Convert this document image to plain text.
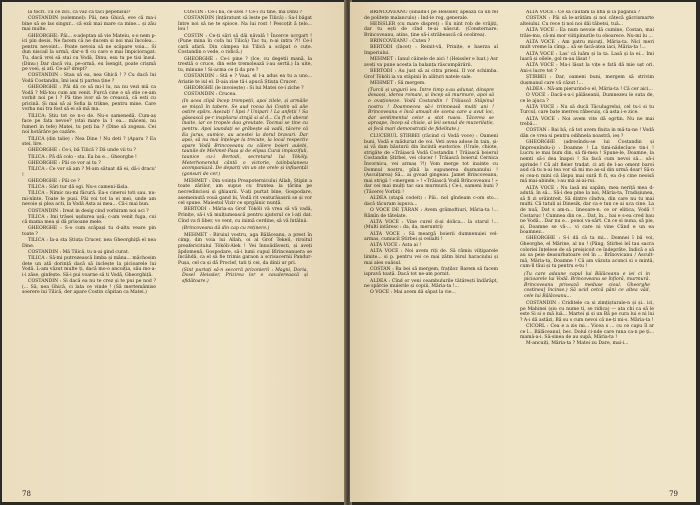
la tocri. Tu ce zici, că văz că taci pepenisul?

COSTANDIN (solemnel): Păi, nea Ghică, eve că ma-i bine să se las singur... că ezii mai mare ca mine... și zău mai multe.

GHEORGHE: Păi... s-adeptan să vie Mateiu, s-o nem p-ici pin desis. Ne facem că ne ducem si noi mai încolea... pentru nevoint... Poate nevoia să ne scăpare voia... Si dun niscail la urmă, dar-o fi cu caro e mai împicioragat. Tu, dacă vrei să stai cu Vodă, Dinu, esu tu pe tisi însul. (Dinu:) Dar dacă viu, pe-ormă, eu îsengit, poate crișmă pe voei, și atî. Ce-ai? drept?

COSTANDIN : Stau să ea, nea Ghică ! ? Cu dacă lui Vodă Costandin, îmi ieai ți partea ține ?

GHEORGHE : Păi dă ce să mi-l lu, na nu vezi mă ca Vodă ? Mă-tou cum am venit. Furcă cine o să stie ce-am vorbit noi pe l ? Pă tine ivor să te crească, că esti cu pricină. Și mai să ai Sofia la trikne, pentru mine. Care vorba nui tra fost să ei să mă ma.

TILICA: Știu tot ce n-o de. Nu-o samenedă. Cum-aș face pe fata nevoe? (stai mare la 1 ea... măceni, nu fumeri in tefe) Matei, tu poți ba ? (Dine să zogeau. Cei noi hotărâre pe cazăre.

TILICA (din talie) : Nea Dine ! Nu deti ? (Aparu ? Ea stei, lire.

GHEORGHE : Ce-i, bă Tilică ? Dă unde vii tu ?

TILICA : Pă dă colo - sta. Ea ba e... Gheorghe !

GHEORGHE : Păi ce vor ai tu ?

TILICA : Ce vor să am ? M-am sătuat dă ei, dă-i dracu' !

GHEORGHE : Păi ce ?

TILICA : Sări tur dă ogi. Nu-s cameni-lăsla.

TILICA : Nimic nu-mi făcură. Ea-s cineroi toti sau. nu-mi-nînte. Toate le pusi. Păi voi tot la ei mei, unde am nevoie și plea acti, la Vodă Asta ai mea... Că-i mai bun.

COSTANDIN : Ireat in desig cind vorbiram noi aci ?

TILICA : Imi trăsei ușdurea ușă; c-am venit fuga, cui că mama mea și dă prisoane mele.

GHEORGHE : S-o cum scăpași tu d-altu veare pin toate ?

TILICA : Ia-a sta Știuța Crucer, nea Gheorghiță el nea Dine.

COSTANDIN : Mă Tilică, tu n-ai gind curat.

TILICA : Să-mi putrezească limba și mâna... măchosim dete un ată dorință dacă să inclește la picioarele lui Vodă. L-am văzut multe ți, dacă mo-o ancoiția, său mo-a-i-i zăse, ginfește. Să-i pui voarne să ti Vodă, Gheorghiță.

COSTANDIN : Si dacă ea nu te crez și te pui pe nod ? (... Să, nea Ghică, ci lata ce vinde ! (Să mertemămise soerere lui Tilică, der apare Costin căpitan ca Matei.)

COSTIN : Ce-i bă, ce-avei ? Ce-i cu tine, mă Dinu ?

COSTANDIN (înțăratunt să leste pe Tilică) : Sa-l băgat între noi să ne te spioce. Na lui rost ! Pescoțit ă țelo... lou !

COSTIN : Ce-ți sări să dăi năvală ! Încerce ucrgart ! (Pune mina în cofa lui Tilică) Tac tu, n-ai intra ?!! Ce-l cară afară. Din câmpea lui Tilică a scăpat o cuțe. Costandin o vede, o ridică.)

GHEORGHE : Ce-i pine ? (Ice, cu degetii mană, la trestiă o cruce, din este tremolează i-au sertii.) Ia uite, tu, minune ! Si-acma ce ți da pre ?

COSTANDIN : Stă e ? Vaai, el l-a adus ea tu a uno... Ariatie te iul el. D-aia zise tă-i apucă Știuța Crucer.

GHEORGHE (le invoiește) : Si lui Matei ce-i ziche ?

COSTANDIN : Crucea.

(In acea clipă încep trompeții, apoi zilele, și armăile se mișcă în tabere. Se aud rocoa lui Costin să alie ostire spărs. Așezați ! lipsi ! Unipari ! La anfeții ! Sa găsească pe-r inspilarui strajă si al d... Ca ft el aberat înaite, iar ce tropele dau greutate. Tocmai se tine cu pentru. Apoi iaundați se grăbește să vadă, tăcere că Ea jurus, sumice, au acestei la dorul bravuri. Dar apoi, să nu mai înțelege la trecute, la local respectiv apare Vodă Brincoveanu cu călere boieri aulebi, taunile de Mehmet-Pașa și de elipsa Curai impiozifuli, taunice cu-i Bertodi, secretarul lui Tököly. Meterhonerelul cântă o victorie, taiinbalaneeu acompaniază. De deparți vin un ste orele și influențăi (gonsuri de cer.)

MEHMET : Din voința Preapoternicului Allah, Știpin a toate zărilor, am supus cu fruntea la țărina pe necredinciosi și ghiaurii. V-ați purtat bine, Gospodare, asemeinută vouă gand bi, Vodă rit veaturăsasrii se și vor cel spune. Maiestul Vizir ce sprgăinic nunță.

BERTODI : Măria-sa Grof Tököli vă vrea să vă vadă, Prinițe, să-i vă mulțumească pentru ajutorul ce l-ați dat. Cînd va fi liber, vo vent, cu inimă cerdine, să vă întâlnii.

(Brincoveanu dă din cap cu reținere.)

MEHMET : Biruiul vostru, aga Bălăceanu, a prest în cimp, din voia lui Allah, oi al Grof Tekeli, riroitul preafericitului Tököli-Alek ! Vei înnoădăvesti, și aveți ăpdomenă, Gospodare, să-i lumi cupul Bîrinceanuera se încâhdă, ca el să fie trimis garaon a scrisacernii Pandur-Pușa, cel ca și dă Proclef, tati ți cei, da dinii ur pri.

(Sint purtați să-n secorră prizonierii : Magni, Doria, Dosel Heissler, Prizirea lor e cavalereaacă și sfidătoare.)

78

BRINCOVEANU (sinâdu-l pe Heissler, apeaza ca un fel de politețe malanculo) : Ind-le rog, generale.

HEISSLER (cu mare dispreț) : Eu nint rob de vrăjiți, dar tu ești de cînd te-ai născut. (Consternare. Brincoveanu, atins, ține să-i străbească că ocolirea).

BRINCOVEANU : Cuten ?

BERTODI (încet) : Reinit-vă, Prinițe, e baerza al Imperiului.

MEHMET : Ianul câinele de aici ! (Heissler e luat.) Asr aveți va pune acesta la balanța răscumpărării.

BERTODI : Au just să ai citra prieni. Il vor schimba. Grof Tököli ia va stăpinii în alături natele sale.

MEHMET : Să mergem.

(Turcii și ungurii ies. Între timp s-au adunat, dinspre desaoși, iderea romani, și încep să murmure, apoi să o ovaționeze. Vodă Costandin ! Trăiască Stăpinul nostru ! Doamnecea să-i trimneasă multi ani ! Brincoveanu e încă amușit de scena care a avut loc, dar sentimentul celor a stot rusos. Tăcerea se aproape, încep să chisie, ai îeii sensul de muzerilatie, ai fecă mari demonstrații de fidelitate.)

CLUCERUL ȘTIRBEI (răcind ci Vodă voce) : Oameni buni, Vodă e măduriat de voi. Veti avea adose în tain, și-ai vă dam băuturii din încintă eustorice. (Urale, chiote, strigăte de «Trăiască Vodă Costandin ! Trăiască boierul Costandin Știrbei, vei clucer ! Trăiască boierul Cernica Învornicu, vei armaș ?!) Vom merge tot inainte cu Domnul nostru, pînă la supunerea dușmanului ! (Asculțarea) Să... ai gvoad gingeau. Jamet Brincoveanu, mai strigă ! «mergem » ! «Trăiască Vodă Brîncoveanu ! » dar cei mai mulți tac sau murmură.) Ce-i, oameni buni ? (Tăcere) Vorbiți !

ALDEA (stapă codeit) : Păi.. nol gîndeam c-om sto... dacă tăcuram iupuva...

O VOCE DE ȚĂRAN : Avem grămoftiuri, Măria-ta !... Rămîn de tătelate.

ALTA VOCE : Vine curel d-ai dolica... la starul !... (Multi intăresc : da, da, meruntri)

ALTA VOCE : Să meargă boierii dumnenuiei vel-armas, cumucil Știrbei și ceilalti !

ALTA VOCE : Asta ai !

ALTA VOCE : Noi avem riți de. Să rămiu vilțiparele limite... si p. pentru vei ce mai zătm birul haraciului și mai ales ouăsul.

COSTAN : Ba bei să mergem, fraților. Barem să facem ispravă toată. Dacă tot ne-am pornit.

ALDEA : Cînd or veni ceambulurile tătărești îndărăpt, ne spărcie muierile și copiii, Măria-ta !...

O VOCE : Mai avem dă săpat la vie...

ALTA VOCE : Ce să căutam la lifiă și la pagânia ?

COSTAN : Păi să le-arătăm și noi câtecă găcrismarte alteiului. Cu rece ți noi noi dăi tăbetsi, tuă...

ALTA VOCE : Ea num nevoie dă cumine, Costan, mai trăie-mu, că-mi mor viitipinurile tu oboarece. Nu-mi lu ...

ALTA VOCE : Am patru micuți, Măria-ta. Nici meri mult vreme la cîmp... să se facă-atea iaci, Măria-ta !...

ALTA VOCE : Las' că luăm și la ta. Lasă și la ei... Imi luară și oilele, gol m-au lăsat !

ALTA VOCE : Ma-i lăsat la vițe e fată dă mie ușt ori. Ani-s lucre tot ?

ȘTIRBEI : Dar, oameni buni, mergem să strivim dușmanul care vă căzut !...

ALDEA : Nă-am pierurind-o el, Măria-ta ! Că cer aici...

O VOCE : Dacă-s-a-i pălăseanii, Dumnezeu le suta de, ce le ajuca ?

ALTA VOCE : Nu să ducă Tăculugrelui, cel tu-i si tu Turcul, care bate merreu răbecuiș, că asta i-e zice.

ALTA VOCE : Noi avem vite dă ogrtin. Nu ne mai trebă...

COSTAN : Bai bă, că tot avem fluita in mă-ta-ne ! Vodă dăn ce vrea si pentru odihnela noastră, ieș ?

GHEORGHE (adresîndu-se lui Costandin și împreunîndu-i) : Doamne ! La timi-nădecîuce tin-i ! Lucru ie mai bum din, să fii-mea ! Spune-le, Doamne, la nemti să-i dea înapoi ! Sa facă cum nevoi să... să-i aprinde ! Că alt fleier tradat. ci ati de l-ao oment baroi aud că tu n-ai tea vor să mi mo as-ul din urmă doar! Să-n ei cea-n mini că lăspu mai sură fi fi, ea d-ș cine neoisă mă mai-abinde, i-au mă ai-ai-rui.

ALTA VOCE : Nu lasă mi sapăm, mea neriță mea d-adută, în să... Să-i dea pine la noi, Măria-ta, Tradișiunea, să fi zi orăintreit. Să dintre cîndva, din care nu tu mai multi. Că tatuli ai Dinesik, dar ca e tun ce ai uca cine. La de nuă, Dat s am-n... lineoare-n. ce or elitica, Vodă ! Costaruc ! Cumnea din ce... Dat, în... bai e s-ea cred bau ne Vodă... Dar nu e... ponoi va-sărt. Cn ce si nuna, să pie, și, Doamne se vă-... vi care ni vine Când e un ea boamnez..

GHEORGHE : S-i dă câ ta mi... Domnei î bă voi, Gheorghe, el Mărine, al nu ! (Pâng, Știrbei leî tau sacra coloriei înțelese de să preișicoit ce îndeprăte, îndică o să au sa peie deasurbatoare cel în ... Brînovicanu / Ascult-mă, Măria-ta, Doamne ! Că am văzuta acunci si o mintă, cum-ll tăui și tu pentru e-tu !

(Tu care adaune capul lui Bălăceanu e iei ci in picioarele lui Vodă. Brincoveanu se înfioră, murmură. Brincoveanu privează meduse cioul. Gheorghe costinea] încinse.) Să ucid cetcă păni ce altea văd, cele lui Bălăceanu...

COSTANDIN : Criditele ca si zimțișturale-n și și.. ici, pe Mahinei (șiu cu nume ti, se ridica) — ata chi ca să le este Si si o mă luă... Martei și si un Bă pe cura lui e ni lui ? A-i dă astăzi, Bă su s cum nevoi că ne-ți mi-s. Măria-ta !

CICORL : Cea e a zis mi... Vicea s ... cu ce capu îl ar ce l... Bălăceanul, bec. Dolul ci-nde care rana ca-n pe ți... mamă-a-i. Să-sinea de au supă, Măria-ta !

M-ancuiți, Măria-ta ? Matei zu Dare, mai-i...

79
